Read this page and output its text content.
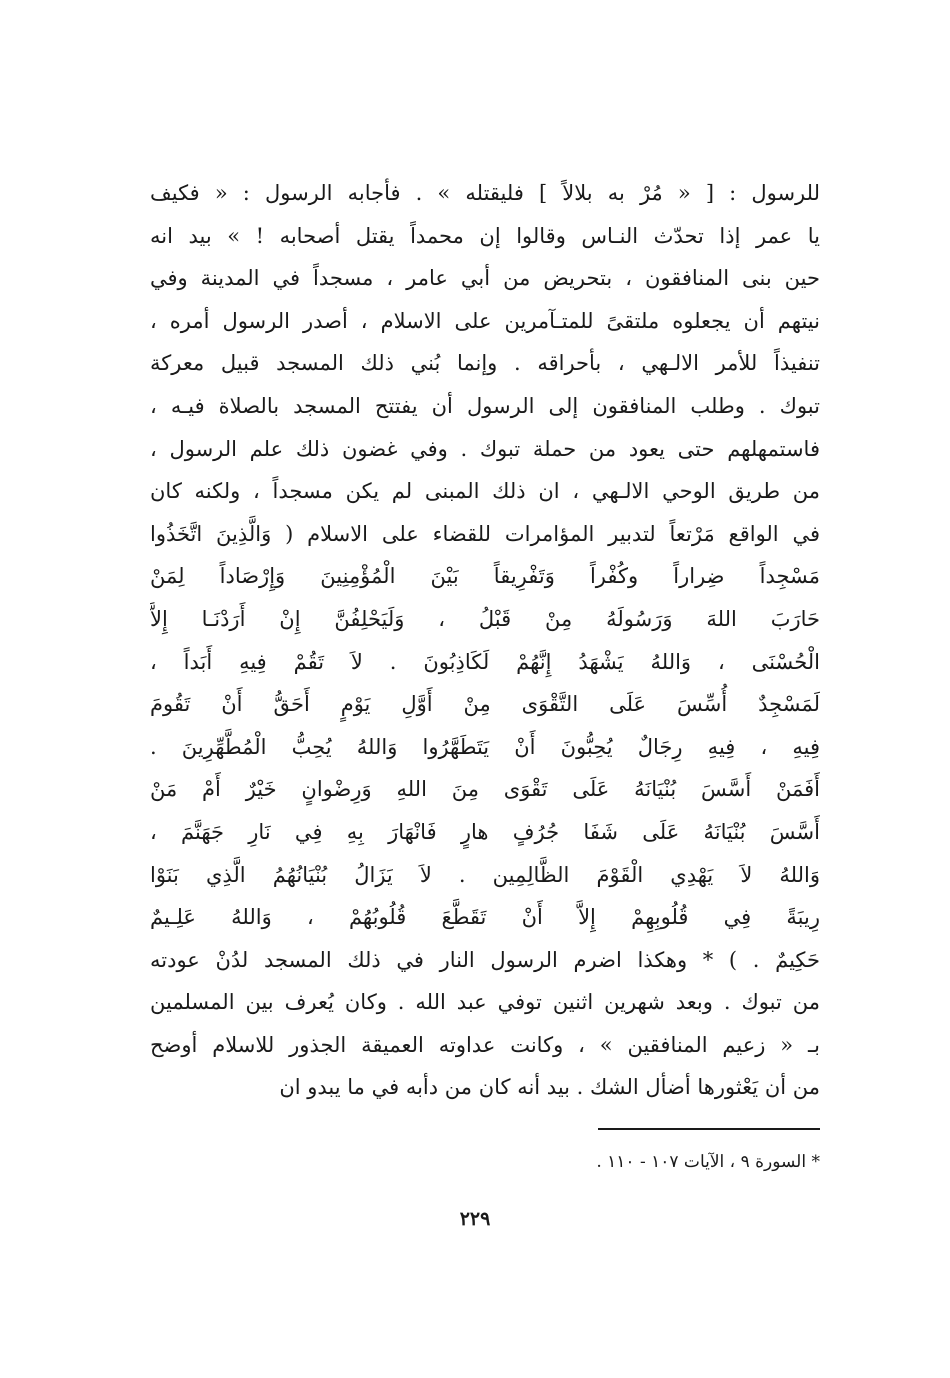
للرسول : [ « مُرْ به بلالاً ] فليقتله » . فأجابه الرسول : « فكيف
يا عمر إذا تحدّث النـاس وقالوا إن محمداً يقتل أصحابه ! » بيد انه
حين بنى المنافقون ، بتحريض من أبي عامر ، مسجداً في المدينة وفي
نيتهم أن يجعلوه ملتقىً للمتـآمرين على الاسلام ، أصدر الرسول أمره ،
تنفيذاً للأمر الالـهي ، بأحراقه . وإنما بُني ذلك المسجد قبيل معركة
تبوك . وطلب المنافقون إلى الرسول أن يفتتح المسجد بالصلاة فيـه ،
فاستمهلهم حتى يعود من حملة تبوك . وفي غضون ذلك علم الرسول ،
من طريق الوحي الالـهي ، ان ذلك المبنى لم يكن مسجداً ، ولكنه كان
في الواقع مَرْتعاً لتدبير المؤامرات للقضاء على الاسلام ( وَالَّذِينَ اتَّخَذُوا
مَسْجِداً ضِراراً وكُفْراً وَتَفْرِيقاً بَيْنَ الْمُؤْمِنِينَ وَإِرْصَاداً لِمَنْ
حَارَبَ اللهَ وَرَسُولَهُ مِنْ قَبْلُ ، وَلَيَحْلِفُنَّ إِنْ أَرَدْنَـا إِلاَّ
الْحُسْنَى ، وَاللهُ يَشْهَدُ إِنَّهُمْ لَكَاذِبُونَ . لاَ تَقُمْ فِيهِ أَبَداً ،
لَمَسْجِدٌ أُسِّسَ عَلَى التَّقْوَى مِنْ أَوَّلِ يَوْمٍ أَحَقُّ أَنْ تَقُومَ
فِيهِ ، فِيهِ رِجَالٌ يُحِبُّونَ أَنْ يَتَطَهَّرُوا وَاللهُ يُحِبُّ الْمُطَّهِّرِينَ .
أَفَمَنْ أَسَّسَ بُنْيَانَهُ عَلَى تَقْوَى مِنَ اللهِ وَرِضْوانٍ خَيْرٌ أَمْ مَنْ
أَسَّسَ بُنْيَانَهُ عَلَى شَفَا جُرُفٍ هارٍ فَانْهَارَ بِهِ فِي نَارِ جَهَنَّمَ ،
وَاللهُ لاَ يَهْدِي الْقَوْمَ الظَّالِمِين . لاَ يَزَالُ بُنْيَانُهُمُ الَّذِي بَنَوْا
رِيبَةً فِي قُلُوبِهِمْ إِلاَّ أَنْ تَقَطَّعَ قُلُوبُهُمْ ، وَاللهُ عَلِـيمٌ
حَكِيمٌ . ) * وهكذا اضرم الرسول النار في ذلك المسجد لدُنْ عودته
من تبوك . وبعد شهرين اثنين توفي عبد الله . وكان يُعرف بين المسلمين
بـ « زعيم المنافقين » ، وكانت عداوته العميقة الجذور للاسلام أوضح
من أن يَعْثورها أضأل الشك . بيد أنه كان من دأبه في ما يبدو ان
* السورة ٩ ، الآيات ١٠٧ - ١١٠ .
٢٢٩
